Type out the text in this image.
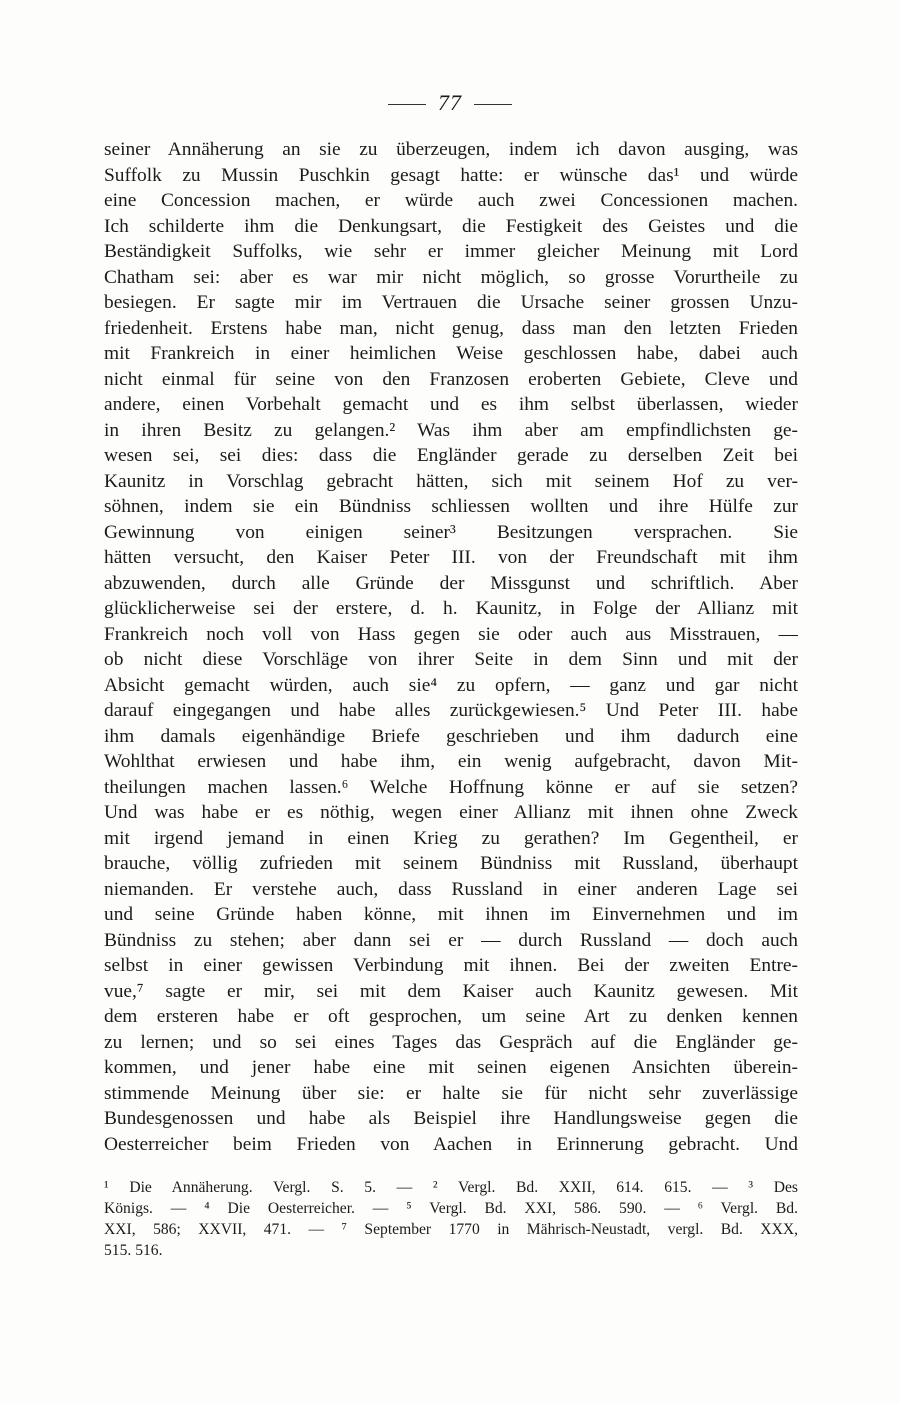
77
seiner Annäherung an sie zu überzeugen, indem ich davon ausging, was
Suffolk zu Mussin Puschkin gesagt hatte: er wünsche das¹ und würde
eine Concession machen, er würde auch zwei Concessionen machen.
Ich schilderte ihm die Denkungsart, die Festigkeit des Geistes und die
Beständigkeit Suffolks, wie sehr er immer gleicher Meinung mit Lord
Chatham sei: aber es war mir nicht möglich, so grosse Vorurtheile zu
besiegen. Er sagte mir im Vertrauen die Ursache seiner grossen Unzu-
friedenheit. Erstens habe man, nicht genug, dass man den letzten Frieden
mit Frankreich in einer heimlichen Weise geschlossen habe, dabei auch
nicht einmal für seine von den Franzosen eroberten Gebiete, Cleve und
andere, einen Vorbehalt gemacht und es ihm selbst überlassen, wieder
in ihren Besitz zu gelangen.² Was ihm aber am empfindlichsten ge-
wesen sei, sei dies: dass die Engländer gerade zu derselben Zeit bei
Kaunitz in Vorschlag gebracht hätten, sich mit seinem Hof zu ver-
söhnen, indem sie ein Bündniss schliessen wollten und ihre Hülfe zur
Gewinnung von einigen seiner³ Besitzungen versprachen. Sie
hätten versucht, den Kaiser Peter III. von der Freundschaft mit ihm
abzuwenden, durch alle Gründe der Missgunst und schriftlich. Aber
glücklicherweise sei der erstere, d. h. Kaunitz, in Folge der Allianz mit
Frankreich noch voll von Hass gegen sie oder auch aus Misstrauen, —
ob nicht diese Vorschläge von ihrer Seite in dem Sinn und mit der
Absicht gemacht würden, auch sie⁴ zu opfern, — ganz und gar nicht
darauf eingegangen und habe alles zurückgewiesen.⁵ Und Peter III. habe
ihm damals eigenhändige Briefe geschrieben und ihm dadurch eine
Wohlthat erwiesen und habe ihm, ein wenig aufgebracht, davon Mit-
theilungen machen lassen.⁶ Welche Hoffnung könne er auf sie setzen?
Und was habe er es nöthig, wegen einer Allianz mit ihnen ohne Zweck
mit irgend jemand in einen Krieg zu gerathen? Im Gegentheil, er
brauche, völlig zufrieden mit seinem Bündniss mit Russland, überhaupt
niemanden. Er verstehe auch, dass Russland in einer anderen Lage sei
und seine Gründe haben könne, mit ihnen im Einvernehmen und im
Bündniss zu stehen; aber dann sei er — durch Russland — doch auch
selbst in einer gewissen Verbindung mit ihnen. Bei der zweiten Entre-
vue,⁷ sagte er mir, sei mit dem Kaiser auch Kaunitz gewesen. Mit
dem ersteren habe er oft gesprochen, um seine Art zu denken kennen
zu lernen; und so sei eines Tages das Gespräch auf die Engländer ge-
kommen, und jener habe eine mit seinen eigenen Ansichten überein-
stimmende Meinung über sie: er halte sie für nicht sehr zuverlässige
Bundesgenossen und habe als Beispiel ihre Handlungsweise gegen die
Oesterreicher beim Frieden von Aachen in Erinnerung gebracht. Und
¹ Die Annäherung. Vergl. S. 5. — ² Vergl. Bd. XXII, 614. 615. — ³ Des
Königs. — ⁴ Die Oesterreicher. — ⁵ Vergl. Bd. XXI, 586. 590. — ⁶ Vergl. Bd.
XXI, 586; XXVII, 471. — ⁷ September 1770 in Mährisch-Neustadt, vergl. Bd. XXX,
515. 516.
